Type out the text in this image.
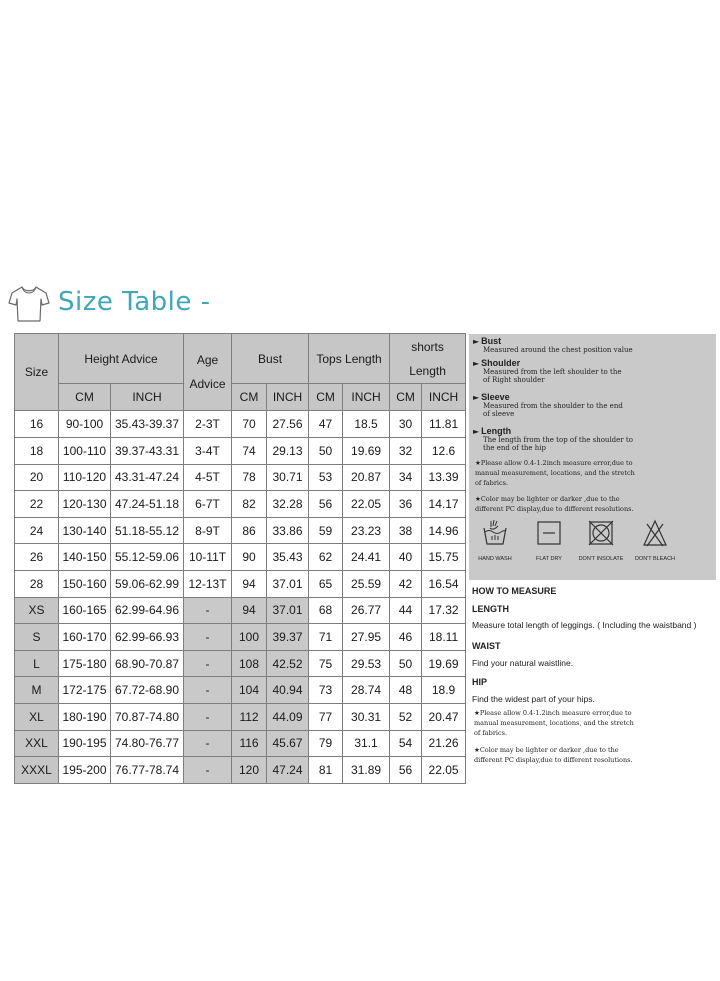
Size Table -
Size	Height Advice		Age
Advice	Bust		Tops Length		shorts
Length	

	CM	INCH		CM	INCH	CM	INCH	CM	INCH
16	90-100	35.43-39.37	2-3T	70	27.56	47	18.5	30	11.81
18	100-110	39.37-43.31	3-4T	74	29.13	50	19.69	32	12.6
20	110-120	43.31-47.24	4-5T	78	30.71	53	20.87	34	13.39
22	120-130	47.24-51.18	6-7T	82	32.28	56	22.05	36	14.17
24	130-140	51.18-55.12	8-9T	86	33.86	59	23.23	38	14.96
26	140-150	55.12-59.06	10-11T	90	35.43	62	24.41	40	15.75
28	150-160	59.06-62.99	12-13T	94	37.01	65	25.59	42	16.54
XS	160-165	62.99-64.96	-	94	37.01	68	26.77	44	17.32
S	160-170	62.99-66.93	-	100	39.37	71	27.95	46	18.11
L	175-180	68.90-70.87	-	108	42.52	75	29.53	50	19.69
M	172-175	67.72-68.90	-	104	40.94	73	28.74	48	18.9
XL	180-190	70.87-74.80	-	112	44.09	77	30.31	52	20.47
XXL	190-195	74.80-76.77	-	116	45.67	79	31.1	54	21.26
XXXL	195-200	76.77-78.74	-	120	47.24	81	31.89	56	22.05
► Bust
Measured around the chest position value
► Shoulder
Measured from the left shoulder to the
of Right shoulder
► Sleeve
Measured from the shoulder to the end
of sleeve
► Length
The length from the top of the shoulder to
the end of the hip
★Please allow 0.4-1.2inch measure error,due to
manual measurement, locations, and the stretch
of fabrics.
★Color may be lighter or darker ,due to the
different PC display,due to different resolutions.
HAND WASH	FLAT DRY	DON'T INSOLATE	DON'T BLEACH
HOW TO MEASURE
LENGTH
Measure total length of leggings. ( Including the waistband )
WAIST
Find your natural waistline.
HIP
Find the widest part of your hips.
★Please allow 0.4-1.2inch measure error,due to
manual measurement, locations, and the stretch
of fabrics.
★Color may be lighter or darker ,due to the
different PC display,due to different resolutions.
